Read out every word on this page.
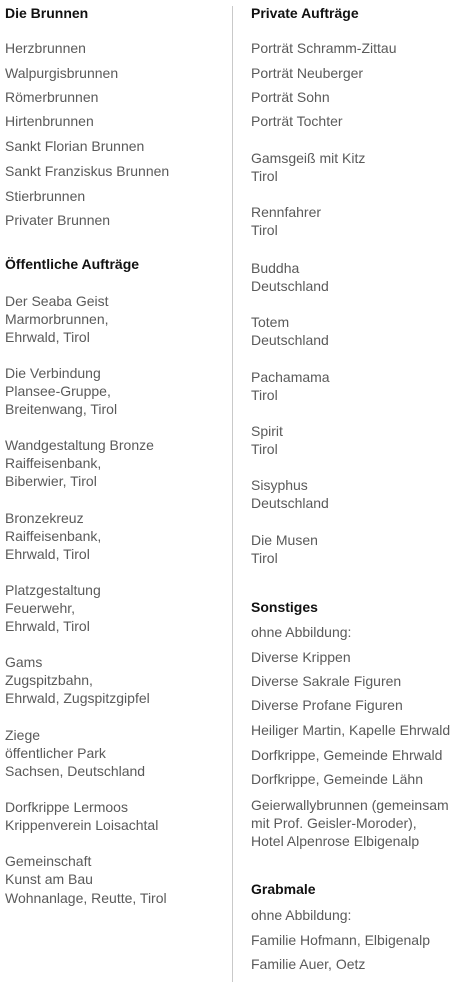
Die Brunnen
Herzbrunnen
Walpurgisbrunnen
Römerbrunnen
Hirtenbrunnen
Sankt Florian Brunnen
Sankt Franziskus Brunnen
Stierbrunnen
Privater Brunnen
Öffentliche Aufträge
Der Seaba Geist
Marmorbrunnen,
Ehrwald, Tirol
Die Verbindung
Plansee-Gruppe,
Breitenwang, Tirol
Wandgestaltung Bronze
Raiffeisenbank,
Biberwier, Tirol
Bronzekreuz
Raiffeisenbank,
Ehrwald, Tirol
Platzgestaltung
Feuerwehr,
Ehrwald, Tirol
Gams
Zugspitzbahn,
Ehrwald, Zugspitzgipfel
Ziege
öffentlicher Park
Sachsen, Deutschland
Dorfkrippe Lermoos
Krippenverein Loisachtal
Gemeinschaft
Kunst am Bau
Wohnanlage, Reutte, Tirol
Private Aufträge
Porträt Schramm-Zittau
Porträt Neuberger
Porträt Sohn
Porträt Tochter
Gamsgeiß mit Kitz
Tirol
Rennfahrer
Tirol
Buddha
Deutschland
Totem
Deutschland
Pachamama
Tirol
Spirit
Tirol
Sisyphus
Deutschland
Die Musen
Tirol
Sonstiges
ohne Abbildung:
Diverse Krippen
Diverse Sakrale Figuren
Diverse Profane Figuren
Heiliger Martin, Kapelle Ehrwald
Dorfkrippe, Gemeinde Ehrwald
Dorfkrippe, Gemeinde Lähn
Geierwallybrunnen (gemeinsam
mit Prof. Geisler-Moroder),
Hotel Alpenrose Elbigenalp
Grabmale
ohne Abbildung:
Familie Hofmann, Elbigenalp
Familie Auer, Oetz
